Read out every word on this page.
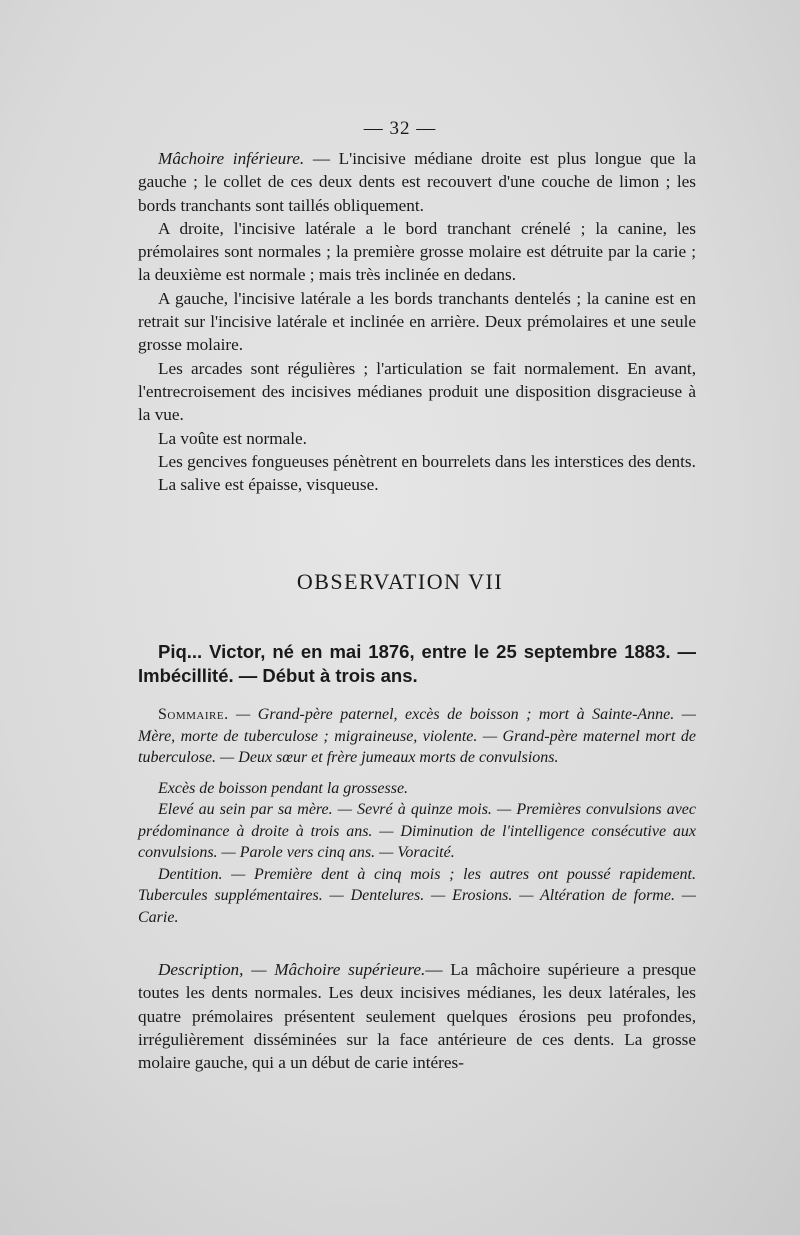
— 32 —

Mâchoire inférieure. — L'incisive médiane droite est plus longue que la gauche ; le collet de ces deux dents est recouvert d'une couche de limon ; les bords tranchants sont taillés obliquement.

A droite, l'incisive latérale a le bord tranchant crénelé ; la canine, les prémolaires sont normales ; la première grosse molaire est détruite par la carie ; la deuxième est normale ; mais très inclinée en dedans.

A gauche, l'incisive latérale a les bords tranchants dentelés ; la canine est en retrait sur l'incisive latérale et inclinée en arrière. Deux prémolaires et une seule grosse molaire.

Les arcades sont régulières ; l'articulation se fait normalement. En avant, l'entrecroisement des incisives médianes produit une disposition disgracieuse à la vue.

La voûte est normale.

Les gencives fongueuses pénètrent en bourrelets dans les interstices des dents.

La salive est épaisse, visqueuse.

OBSERVATION VII

Piq... Victor, né en mai 1876, entre le 25 septembre 1883. — Imbécillité. — Début à trois ans.

Sommaire. — Grand-père paternel, excès de boisson ; mort à Sainte-Anne. — Mère, morte de tuberculose ; migraineuse, violente. — Grand-père maternel mort de tuberculose. — Deux sœur et frère jumeaux morts de convulsions.

Excès de boisson pendant la grossesse.

Elevé au sein par sa mère. — Sevré à quinze mois. — Premières convulsions avec prédominance à droite à trois ans. — Diminution de l'intelligence consécutive aux convulsions. — Parole vers cinq ans. — Voracité.

Dentition. — Première dent à cinq mois ; les autres ont poussé rapidement. Tubercules supplémentaires. — Dentelures. — Erosions. — Altération de forme. — Carie.

Description, — Mâchoire supérieure.— La mâchoire supérieure a presque toutes les dents normales. Les deux incisives médianes, les deux latérales, les quatre prémolaires présentent seulement quelques érosions peu profondes, irrégulièrement disséminées sur la face antérieure de ces dents. La grosse molaire gauche, qui a un début de carie intéres-
